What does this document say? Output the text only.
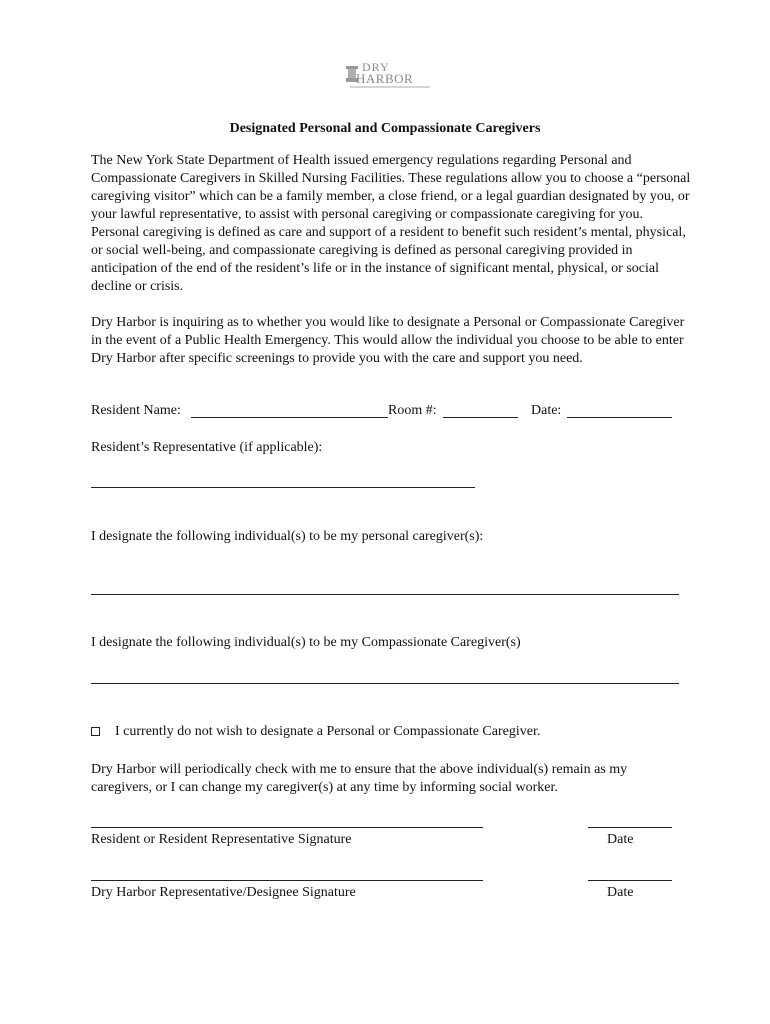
DRY
HARBOR
Designated Personal and Compassionate Caregivers
The New York State Department of Health issued emergency regulations regarding Personal and Compassionate Caregivers in Skilled Nursing Facilities. These regulations allow you to choose a “personal caregiving visitor” which can be a family member, a close friend, or a legal guardian designated by you, or your lawful representative, to assist with personal caregiving or compassionate caregiving for you. Personal caregiving is defined as care and support of a resident to benefit such resident’s mental, physical, or social well-being, and compassionate caregiving is defined as personal caregiving provided in anticipation of the end of the resident’s life or in the instance of significant mental, physical, or social decline or crisis.
Dry Harbor is inquiring as to whether you would like to designate a Personal or Compassionate Caregiver in the event of a Public Health Emergency. This would allow the individual you choose to be able to enter Dry Harbor after specific screenings to provide you with the care and support you need.
Resident Name:	Room #:	Date:
Resident’s Representative (if applicable):
I designate the following individual(s) to be my personal caregiver(s):
I designate the following individual(s) to be my Compassionate Caregiver(s)
I currently do not wish to designate a Personal or Compassionate Caregiver.
Dry Harbor will periodically check with me to ensure that the above individual(s) remain as my caregivers, or I can change my caregiver(s) at any time by informing social worker.
Resident or Resident Representative Signature	Date
Dry Harbor Representative/Designee Signature	Date
